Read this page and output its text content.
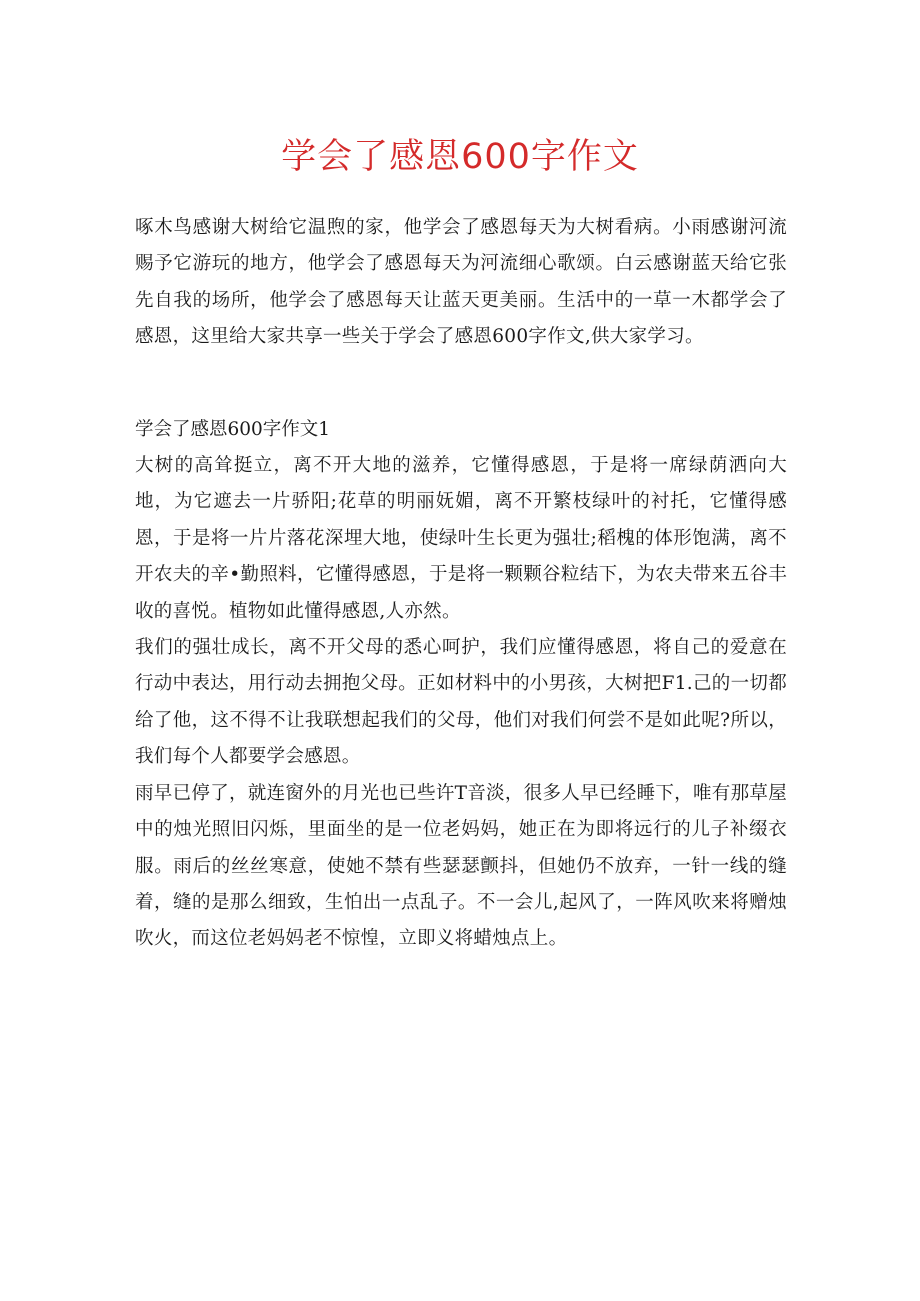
学会了感恩600字作文

啄木鸟感谢大树给它温煦的家，他学会了感恩每天为大树看病。小雨感谢河流赐予它游玩的地方，他学会了感恩每天为河流细心歌颂。白云感谢蓝天给它张先自我的场所，他学会了感恩每天让蓝天更美丽。生活中的一草一木都学会了感恩，这里给大家共享一些关于学会了感恩600字作文,供大家学习。

学会了感恩600字作文1

大树的高耸挺立，离不开大地的滋养，它懂得感恩，于是将一席绿荫洒向大地，为它遮去一片骄阳;花草的明丽妩媚，离不开繁枝绿叶的衬托，它懂得感恩，于是将一片片落花深埋大地，使绿叶生长更为强壮;稻槐的体形饱满，离不开农夫的辛•勤照料，它懂得感恩，于是将一颗颗谷粒结下，为农夫带来五谷丰收的喜悦。植物如此懂得感恩,人亦然。

我们的强壮成长，离不开父母的悉心呵护，我们应懂得感恩，将自己的爱意在行动中表达，用行动去拥抱父母。正如材料中的小男孩，大树把F1.己的一切都给了他，这不得不让我联想起我们的父母，他们对我们何尝不是如此呢?所以，我们每个人都要学会感恩。

雨早已停了，就连窗外的月光也已些许T音淡，很多人早已经睡下，唯有那草屋中的烛光照旧闪烁，里面坐的是一位老妈妈，她正在为即将远行的儿子补缀衣服。雨后的丝丝寒意，使她不禁有些瑟瑟颤抖，但她仍不放弃，一针一线的缝着，缝的是那么细致，生怕出一点乱子。不一会儿,起风了，一阵风吹来将赠烛吹火，而这位老妈妈老不惊惶，立即义将蜡烛点上。
